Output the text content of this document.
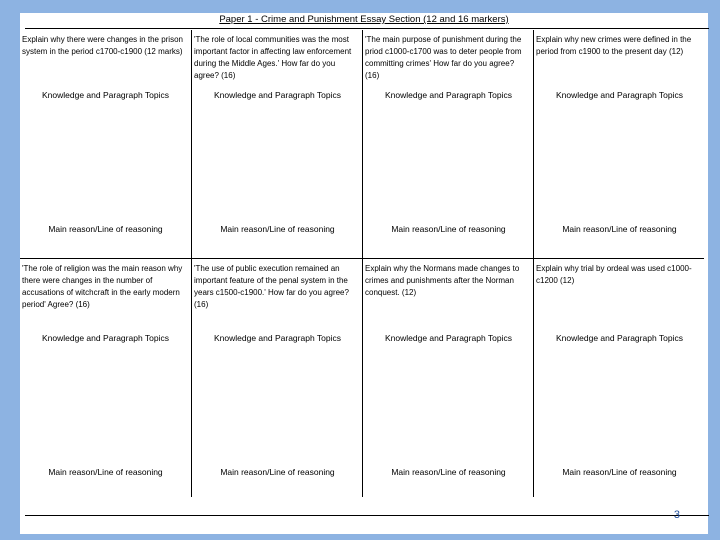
Paper 1 - Crime and Punishment Essay Section (12 and 16 markers)
Explain why there were changes in the prison system in the period c1700-c1900 (12 marks)
Knowledge and Paragraph Topics
Main reason/Line of reasoning
'The role of local communities was the most important factor in affecting law enforcement during the Middle Ages.' How far do you agree? (16)
Knowledge and Paragraph Topics
Main reason/Line of reasoning
'The main purpose of punishment during the priod c1000-c1700 was to deter people from committing crimes' How far do you agree? (16)
Knowledge and Paragraph Topics
Main reason/Line of reasoning
Explain why new crimes were defined in the period from c1900 to the present day (12)
Knowledge and Paragraph Topics
Main reason/Line of reasoning
'The role of religion was the main reason why there were changes in the number of accusations of witchcraft in the early modern period' Agree? (16)
Knowledge and Paragraph Topics
Main reason/Line of reasoning
'The use of public execution remained an important feature of the penal system in the years c1500-c1900.' How far do you agree? (16)
Knowledge and Paragraph Topics
Main reason/Line of reasoning
Explain why the Normans made changes to crimes and punishments after the Norman conquest. (12)
Knowledge and Paragraph Topics
Main reason/Line of reasoning
Explain why trial by ordeal was used c1000-c1200 (12)
Knowledge and Paragraph Topics
Main reason/Line of reasoning
3
